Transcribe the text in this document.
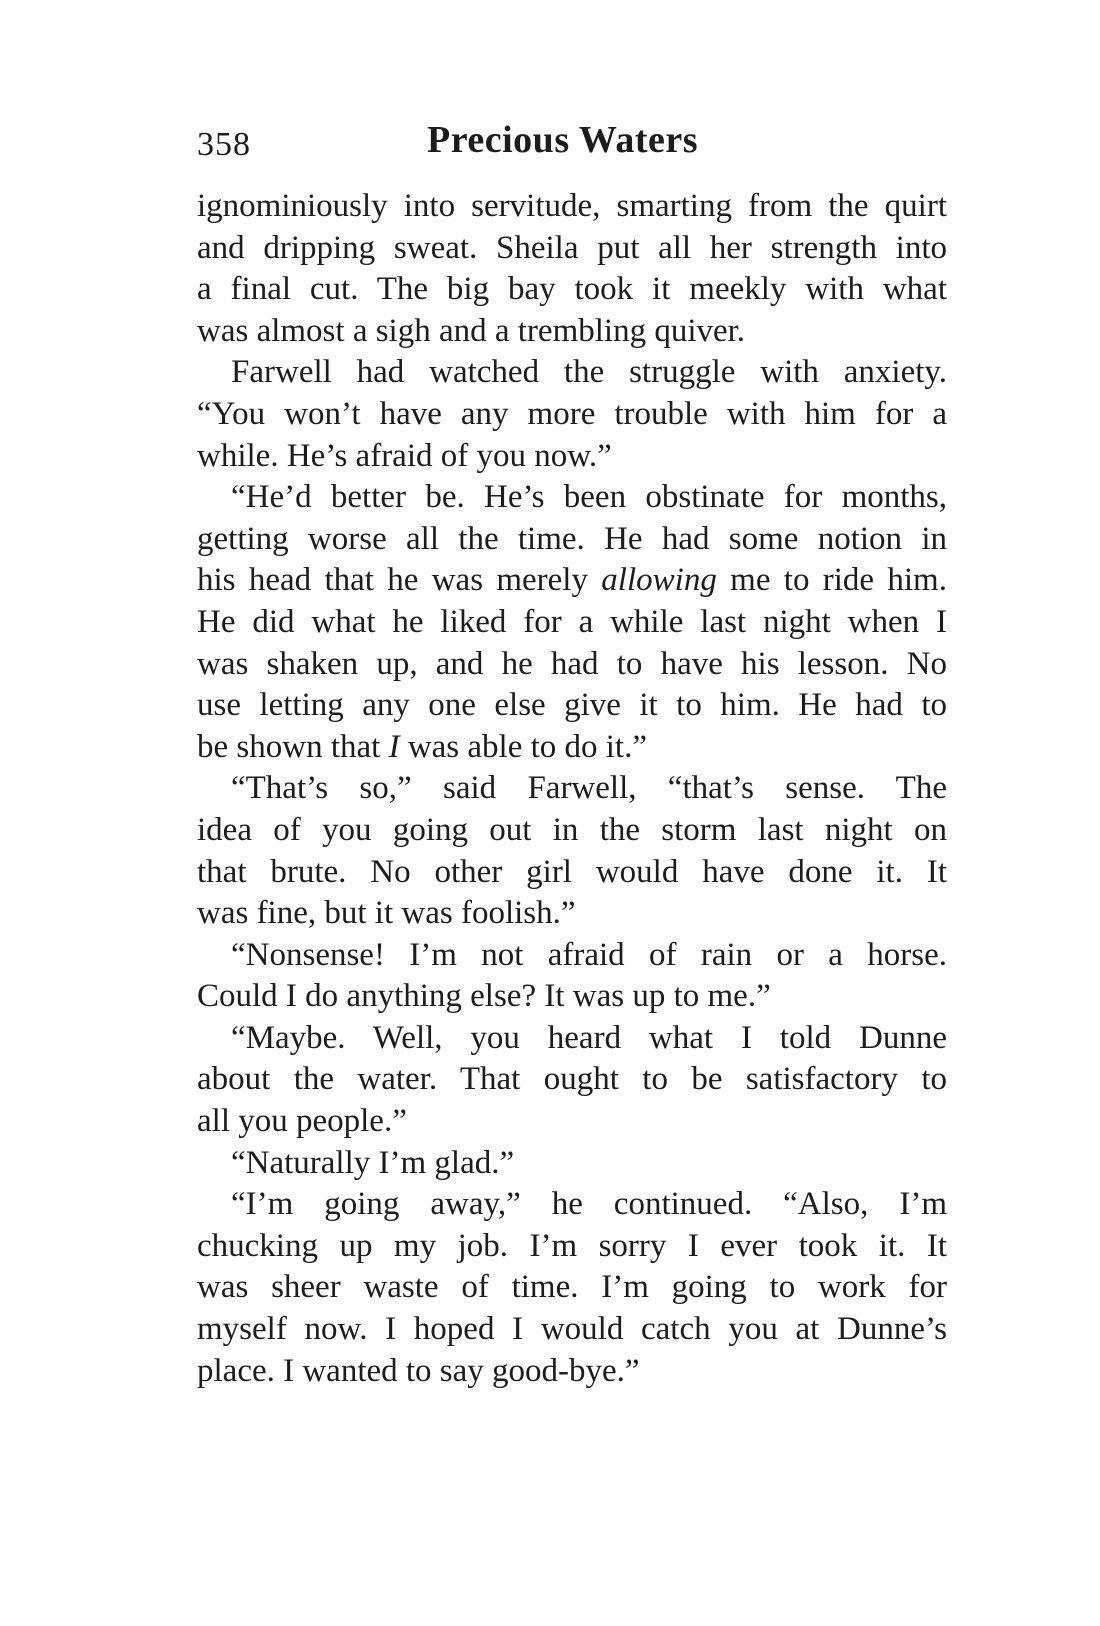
358	Precious Waters
ignominiously into servitude, smarting from the quirt
and dripping sweat. Sheila put all her strength into
a final cut. The big bay took it meekly with what
was almost a sigh and a trembling quiver.
Farwell had watched the struggle with anxiety.
“You won’t have any more trouble with him for a
while. He’s afraid of you now.”
“He’d better be. He’s been obstinate for months,
getting worse all the time. He had some notion in
his head that he was merely allowing me to ride him.
He did what he liked for a while last night when I
was shaken up, and he had to have his lesson. No
use letting any one else give it to him. He had to
be shown that I was able to do it.”
“That’s so,” said Farwell, “that’s sense. The
idea of you going out in the storm last night on
that brute. No other girl would have done it. It
was fine, but it was foolish.”
“Nonsense! I’m not afraid of rain or a horse.
Could I do anything else? It was up to me.”
“Maybe. Well, you heard what I told Dunne
about the water. That ought to be satisfactory to
all you people.”
“Naturally I’m glad.”
“I’m going away,” he continued. “Also, I’m
chucking up my job. I’m sorry I ever took it. It
was sheer waste of time. I’m going to work for
myself now. I hoped I would catch you at Dunne’s
place. I wanted to say good-bye.”
